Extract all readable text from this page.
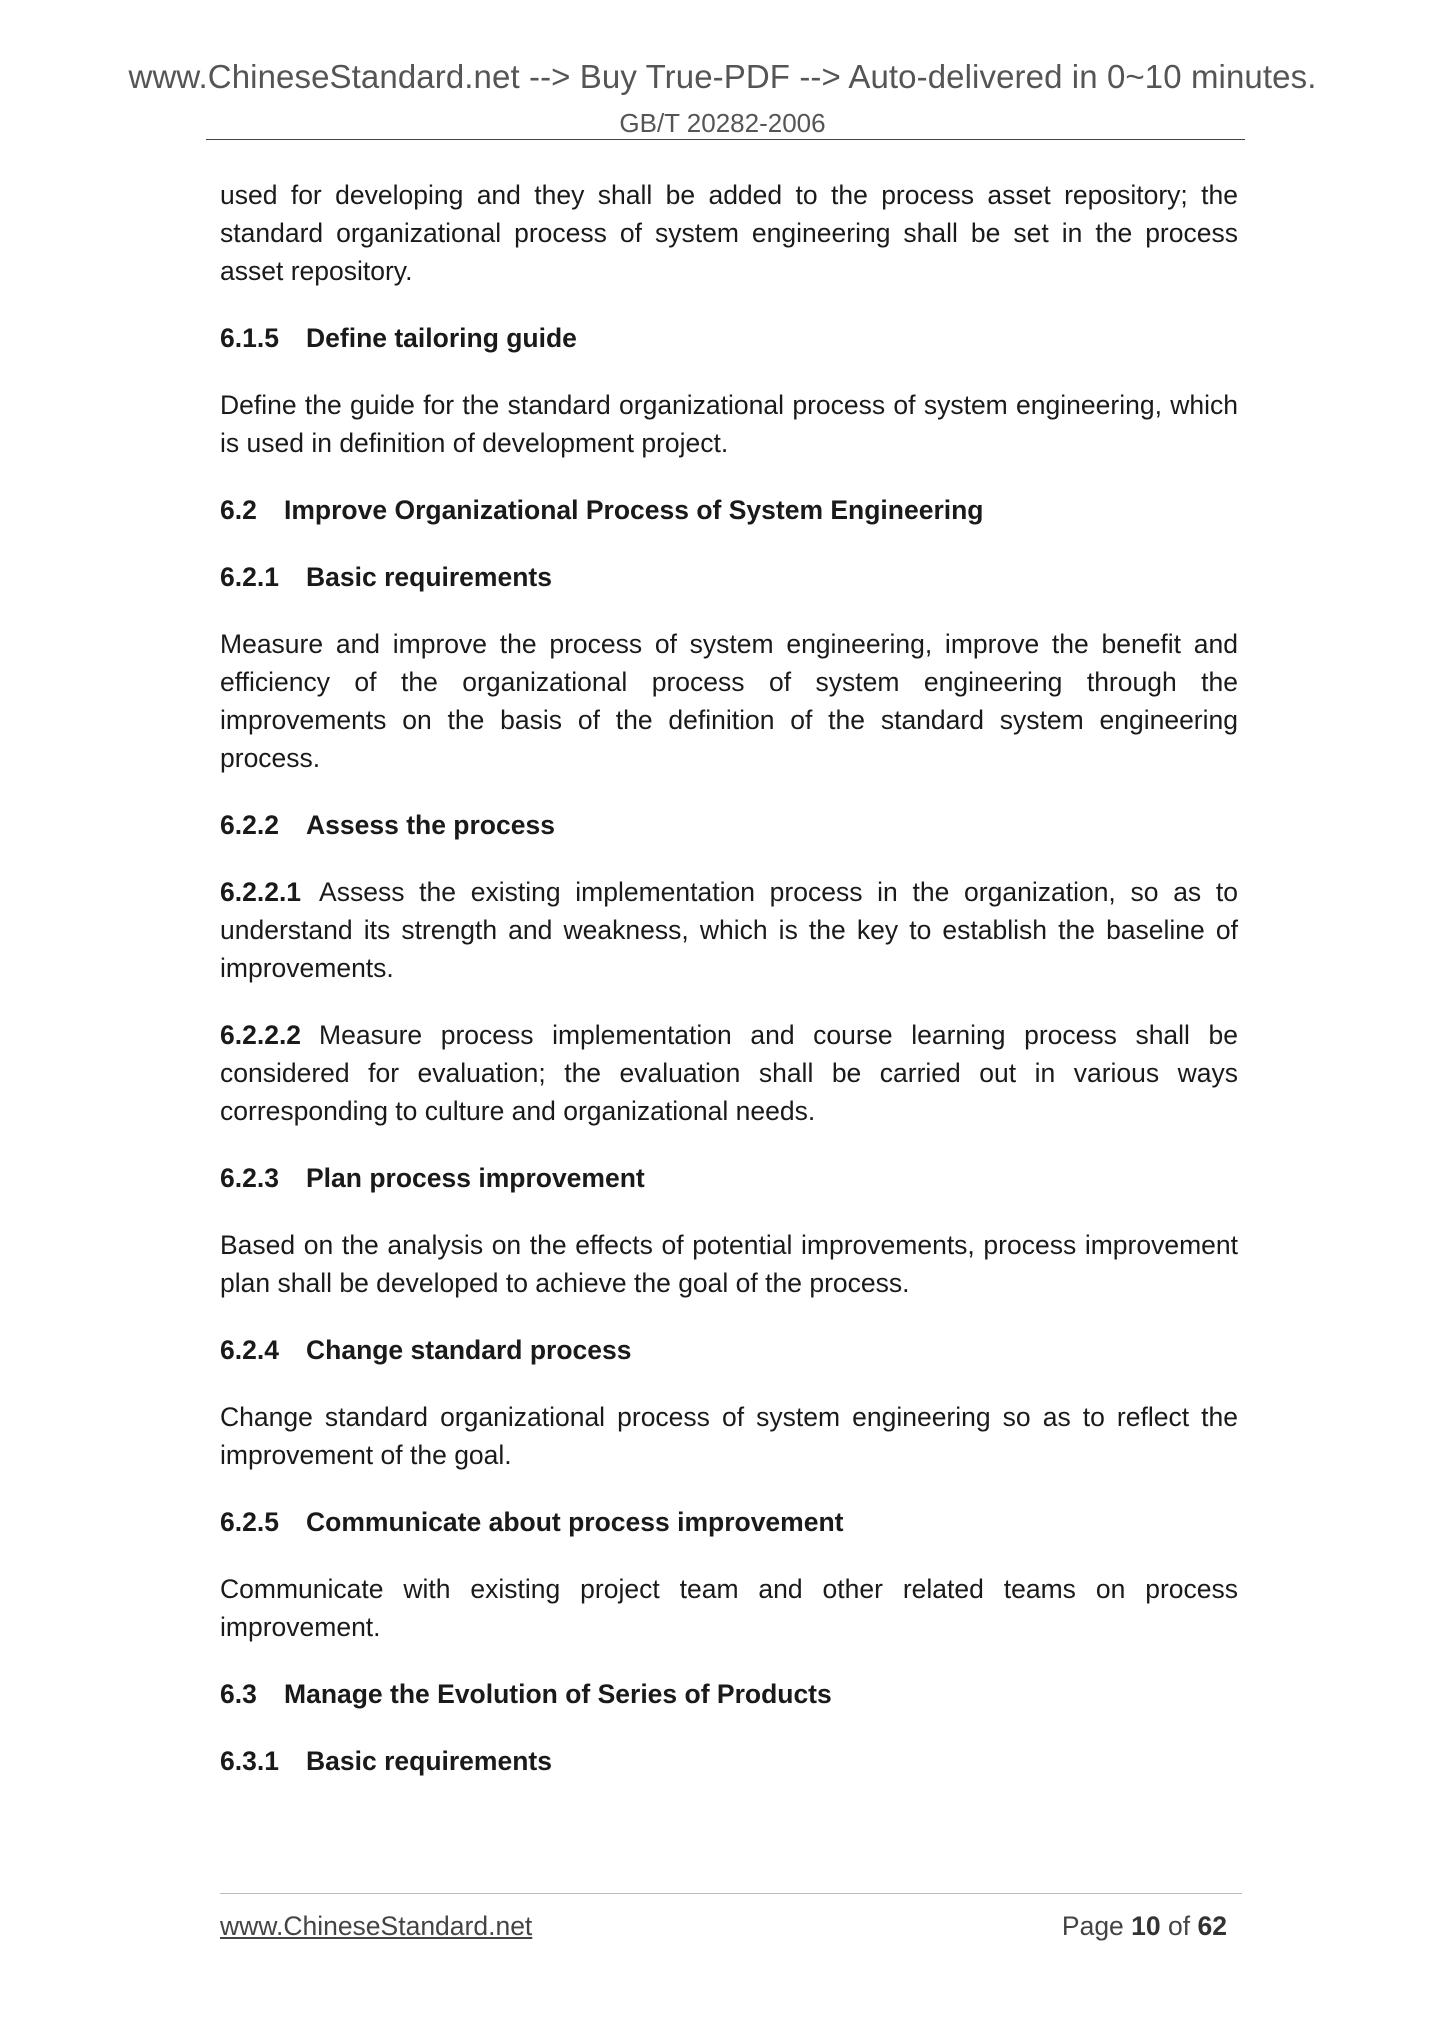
www.ChineseStandard.net --> Buy True-PDF --> Auto-delivered in 0~10 minutes.
GB/T 20282-2006

used for developing and they shall be added to the process asset repository; the standard organizational process of system engineering shall be set in the process asset repository.

6.1.5 Define tailoring guide

Define the guide for the standard organizational process of system engineering, which is used in definition of development project.

6.2 Improve Organizational Process of System Engineering
6.2.1 Basic requirements

Measure and improve the process of system engineering, improve the benefit and efficiency of the organizational process of system engineering through the improvements on the basis of the definition of the standard system engineering process.

6.2.2 Assess the process

6.2.2.1 Assess the existing implementation process in the organization, so as to understand its strength and weakness, which is the key to establish the baseline of improvements.

6.2.2.2 Measure process implementation and course learning process shall be considered for evaluation; the evaluation shall be carried out in various ways corresponding to culture and organizational needs.

6.2.3 Plan process improvement

Based on the analysis on the effects of potential improvements, process improvement plan shall be developed to achieve the goal of the process.

6.2.4 Change standard process

Change standard organizational process of system engineering so as to reflect the improvement of the goal.

6.2.5 Communicate about process improvement

Communicate with existing project team and other related teams on process improvement.

6.3 Manage the Evolution of Series of Products
6.3.1 Basic requirements
www.ChineseStandard.net	Page 10 of 62
